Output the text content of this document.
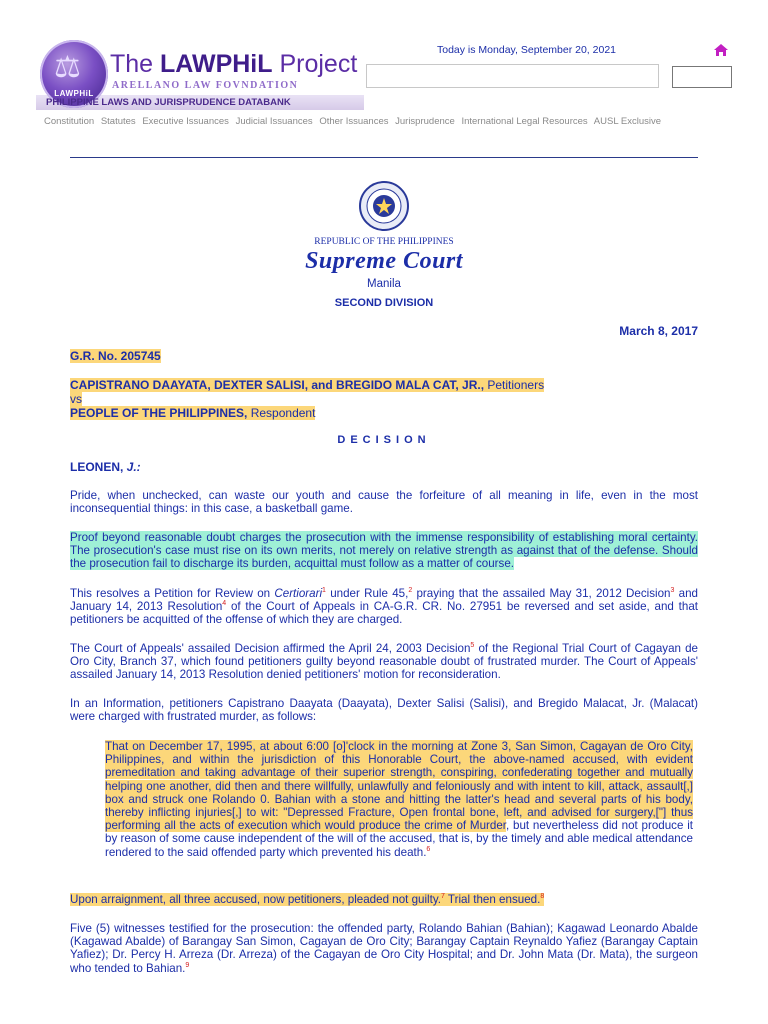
⚖
LAWPHiL
The LAWPHiL Project
ARELLANO LAW FOVNDATION
PHILIPPINE LAWS AND JURISPRUDENCE DATABANK
Today is Monday, September 20, 2021
Constitution Statutes Executive Issuances Judicial Issuances Other Issuances Jurisprudence International Legal Resources AUSL Exclusive
REPUBLIC OF THE PHILIPPINES
Supreme Court
Manila
SECOND DIVISION
March 8, 2017
G.R. No. 205745
CAPISTRANO DAAYATA, DEXTER SALISI, and BREGIDO MALA CAT, JR., Petitioners
vs
PEOPLE OF THE PHILIPPINES, Respondent
DECISION
LEONEN, J.:

Pride, when unchecked, can waste our youth and cause the forfeiture of all meaning in life, even in the most inconsequential things: in this case, a basketball game.

Proof beyond reasonable doubt charges the prosecution with the immense responsibility of establishing moral certainty. The prosecution's case must rise on its own merits, not merely on relative strength as against that of the defense. Should the prosecution fail to discharge its burden, acquittal must follow as a matter of course.

This resolves a Petition for Review on Certiorari$^1$ under Rule 45,$^2$ praying that the assailed May 31, 2012 Decision$^3$ and January 14, 2013 Resolution$^4$ of the Court of Appeals in CA-G.R. CR. No. 27951 be reversed and set aside, and that petitioners be acquitted of the offense of which they are charged.

The Court of Appeals' assailed Decision affirmed the April 24, 2003 Decision$^5$ of the Regional Trial Court of Cagayan de Oro City, Branch 37, which found petitioners guilty beyond reasonable doubt of frustrated murder. The Court of Appeals' assailed January 14, 2013 Resolution denied petitioners' motion for reconsideration.

In an Information, petitioners Capistrano Daayata (Daayata), Dexter Salisi (Salisi), and Bregido Malacat, Jr. (Malacat) were charged with frustrated murder, as follows:

That on December 17, 1995, at about 6:00 [o]'clock in the morning at Zone 3, San Simon, Cagayan de Oro City, Philippines, and within the jurisdiction of this Honorable Court, the above-named accused, with evident premeditation and taking advantage of their superior strength, conspiring, confederating together and mutually helping one another, did then and there willfully, unlawfully and feloniously and with intent to kill, attack, assault[,] box and struck one Rolando 0. Bahian with a stone and hitting the latter's head and several parts of his body, thereby inflicting injuries[,] to wit: "Depressed Fracture, Open frontal bone, left, and advised for surgery,["] thus performing all the acts of execution which would produce the crime of Murder, but nevertheless did not produce it by reason of some cause independent of the will of the accused, that is, by the timely and able medical attendance rendered to the said offended party which prevented his death.$^6$

Upon arraignment, all three accused, now petitioners, pleaded not guilty.$^7$ Trial then ensued.$^8$

Five (5) witnesses testified for the prosecution: the offended party, Rolando Bahian (Bahian); Kagawad Leonardo Abalde (Kagawad Abalde) of Barangay San Simon, Cagayan de Oro City; Barangay Captain Reynaldo Yafiez (Barangay Captain Yafiez); Dr. Percy H. Arreza (Dr. Arreza) of the Cagayan de Oro City Hospital; and Dr. John Mata (Dr. Mata), the surgeon who tended to Bahian.$^9$
